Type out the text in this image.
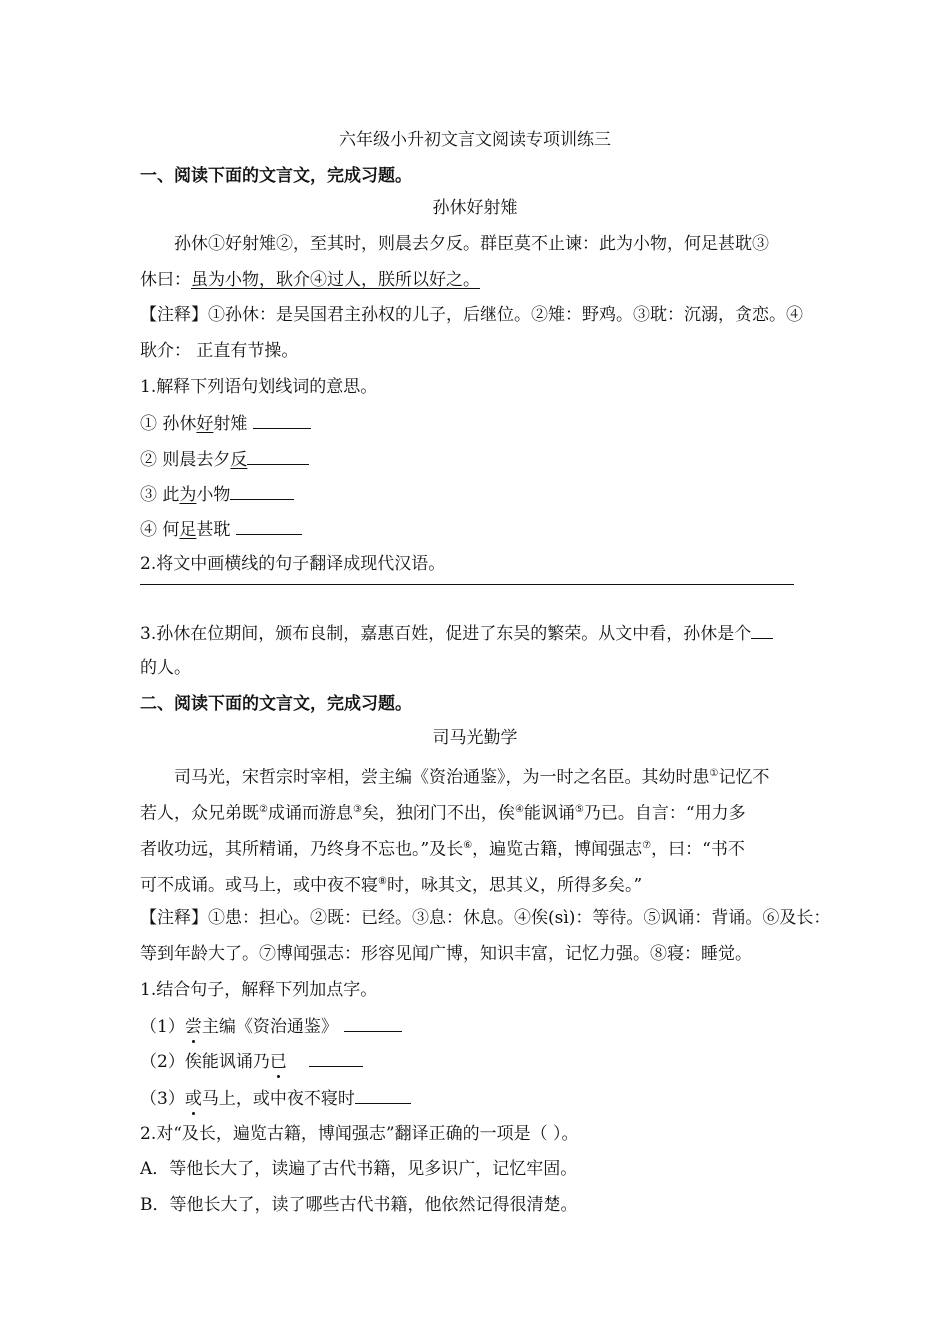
六年级小升初文言文阅读专项训练三
一、阅读下面的文言文，完成习题。
孙休好射雉
孙休①好射雉②，至其时，则晨去夕反。群臣莫不止谏：此为小物，何足甚耽③
休曰：虽为小物，耿介④过人，朕所以好之。
【注释】①孙休：是吴国君主孙权的儿子，后继位。②雉：野鸡。③耽：沉溺，贪恋。④
耿介： 正直有节操。
1.解释下列语句划线词的意思。
① 孙休好射雉
② 则晨去夕反
③ 此为小物
④ 何足甚耽
2.将文中画横线的句子翻译成现代汉语。
3.孙休在位期间，颁布良制，嘉惠百姓，促进了东吴的繁荣。从文中看，孙休是个
的人。
二、阅读下面的文言文，完成习题。
司马光勤学
司马光，宋哲宗时宰相，尝主编《资治通鉴》，为一时之名臣。其幼时患①记忆不
若人，众兄弟既②成诵而游息③矣，独闭门不出，俟④能讽诵⑤乃已。自言：“用力多
者收功远，其所精诵，乃终身不忘也。”及长⑥，遍览古籍，博闻强志⑦，曰：“书不
可不成诵。或马上，或中夜不寝⑧时，咏其文，思其义，所得多矣。”
【注释】①患：担心。②既：已经。③息：休息。④俟(sì)：等待。⑤讽诵：背诵。⑥及长：
等到年龄大了。⑦博闻强志：形容见闻广博，知识丰富，记忆力强。⑧寝：睡觉。
1.结合句子，解释下列加点字。
（1）尝主编《资治通鉴》
（2）俟能讽诵乃已
（3）或马上，或中夜不寝时
2.对“及长，遍览古籍，博闻强志”翻译正确的一项是（ ）。
A．等他长大了，读遍了古代书籍，见多识广，记忆牢固。
B．等他长大了，读了哪些古代书籍，他依然记得很清楚。
